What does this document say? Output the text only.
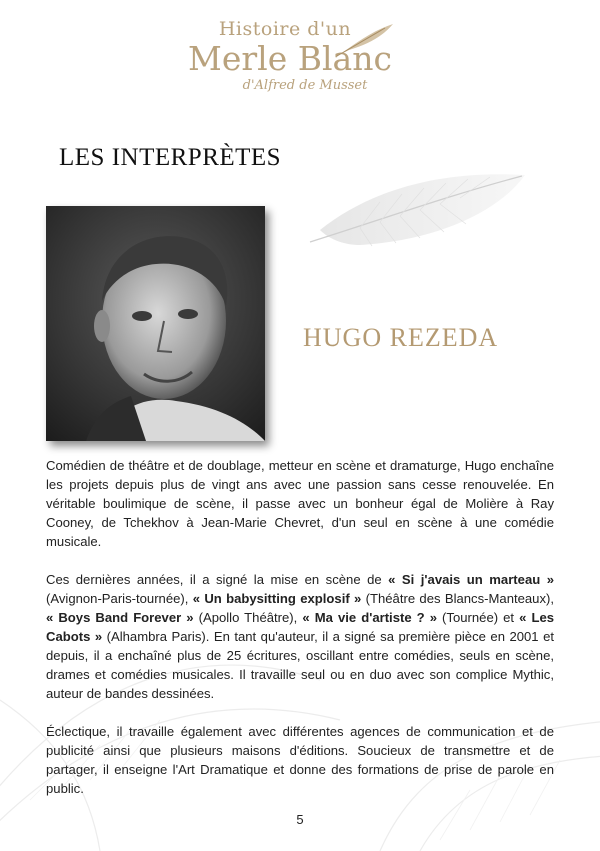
Histoire d'un
Merle Blanc
d'Alfred de Musset
LES INTERPRÈTES
HUGO REZEDA

Comédien de théâtre et de doublage, metteur en scène et dramaturge, Hugo enchaîne les projets depuis plus de vingt ans avec une passion sans cesse renouvelée. En véritable boulimique de scène, il passe avec un bonheur égal de Molière à Ray Cooney, de Tchekhov à Jean-Marie Chevret, d'un seul en scène à une comédie musicale.

Ces dernières années, il a signé la mise en scène de « Si j'avais un marteau » (Avignon-Paris-tournée), « Un babysitting explosif » (Théâtre des Blancs-Manteaux), « Boys Band Forever » (Apollo Théâtre), « Ma vie d'artiste ? » (Tournée) et « Les Cabots » (Alhambra Paris). En tant qu'auteur, il a signé sa première pièce en 2001 et depuis, il a enchaîné plus de 25 écritures, oscillant entre comédies, seuls en scène, drames et comédies musicales. Il travaille seul ou en duo avec son complice Mythic, auteur de bandes dessinées.

Éclectique, il travaille également avec différentes agences de communication et de publicité ainsi que plusieurs maisons d'éditions. Soucieux de transmettre et de partager, il enseigne l'Art Dramatique et donne des formations de prise de parole en public.

5
